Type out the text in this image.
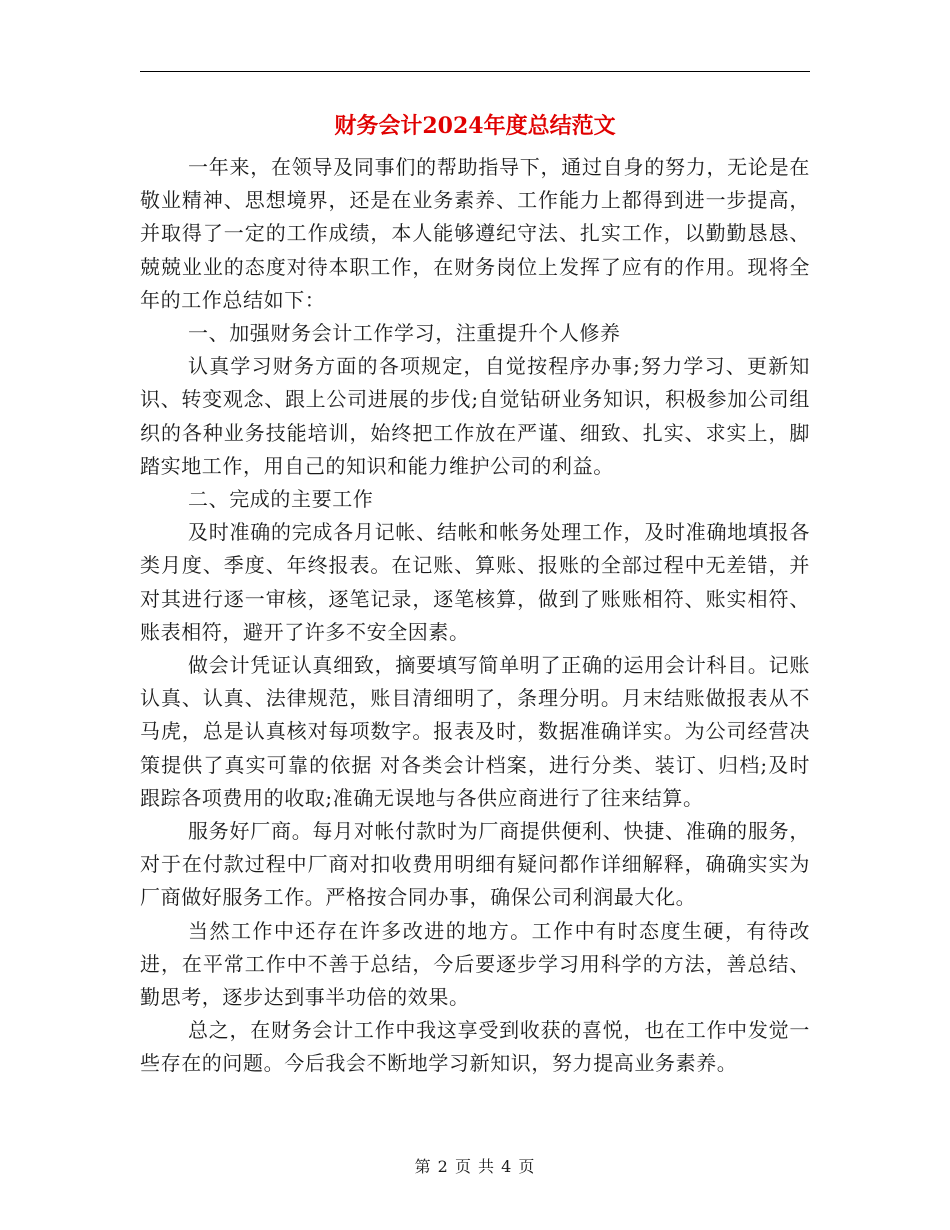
财务会计2024年度总结范文

一年来，在领导及同事们的帮助指导下，通过自身的努力，无论是在敬业精神、思想境界，还是在业务素养、工作能力上都得到进一步提高，并取得了一定的工作成绩，本人能够遵纪守法、扎实工作，以勤勤恳恳、兢兢业业的态度对待本职工作，在财务岗位上发挥了应有的作用。现将全年的工作总结如下：

一、加强财务会计工作学习，注重提升个人修养

认真学习财务方面的各项规定，自觉按程序办事;努力学习、更新知识、转变观念、跟上公司进展的步伐;自觉钻研业务知识，积极参加公司组织的各种业务技能培训，始终把工作放在严谨、细致、扎实、求实上，脚踏实地工作，用自己的知识和能力维护公司的利益。

二、完成的主要工作

及时准确的完成各月记帐、结帐和帐务处理工作，及时准确地填报各类月度、季度、年终报表。在记账、算账、报账的全部过程中无差错，并对其进行逐一审核，逐笔记录，逐笔核算，做到了账账相符、账实相符、账表相符，避开了许多不安全因素。

做会计凭证认真细致，摘要填写简单明了正确的运用会计科目。记账认真、认真、法律规范，账目清细明了，条理分明。月末结账做报表从不马虎，总是认真核对每项数字。报表及时，数据准确详实。为公司经营决策提供了真实可靠的依据 对各类会计档案，进行分类、装订、归档;及时跟踪各项费用的收取;准确无误地与各供应商进行了往来结算。

服务好厂商。每月对帐付款时为厂商提供便利、快捷、准确的服务，对于在付款过程中厂商对扣收费用明细有疑问都作详细解释，确确实实为厂商做好服务工作。严格按合同办事，确保公司利润最大化。

当然工作中还存在许多改进的地方。工作中有时态度生硬，有待改进，在平常工作中不善于总结，今后要逐步学习用科学的方法，善总结、勤思考，逐步达到事半功倍的效果。

总之，在财务会计工作中我这享受到收获的喜悦，也在工作中发觉一些存在的问题。今后我会不断地学习新知识，努力提高业务素养。

第 2 页 共 4 页
